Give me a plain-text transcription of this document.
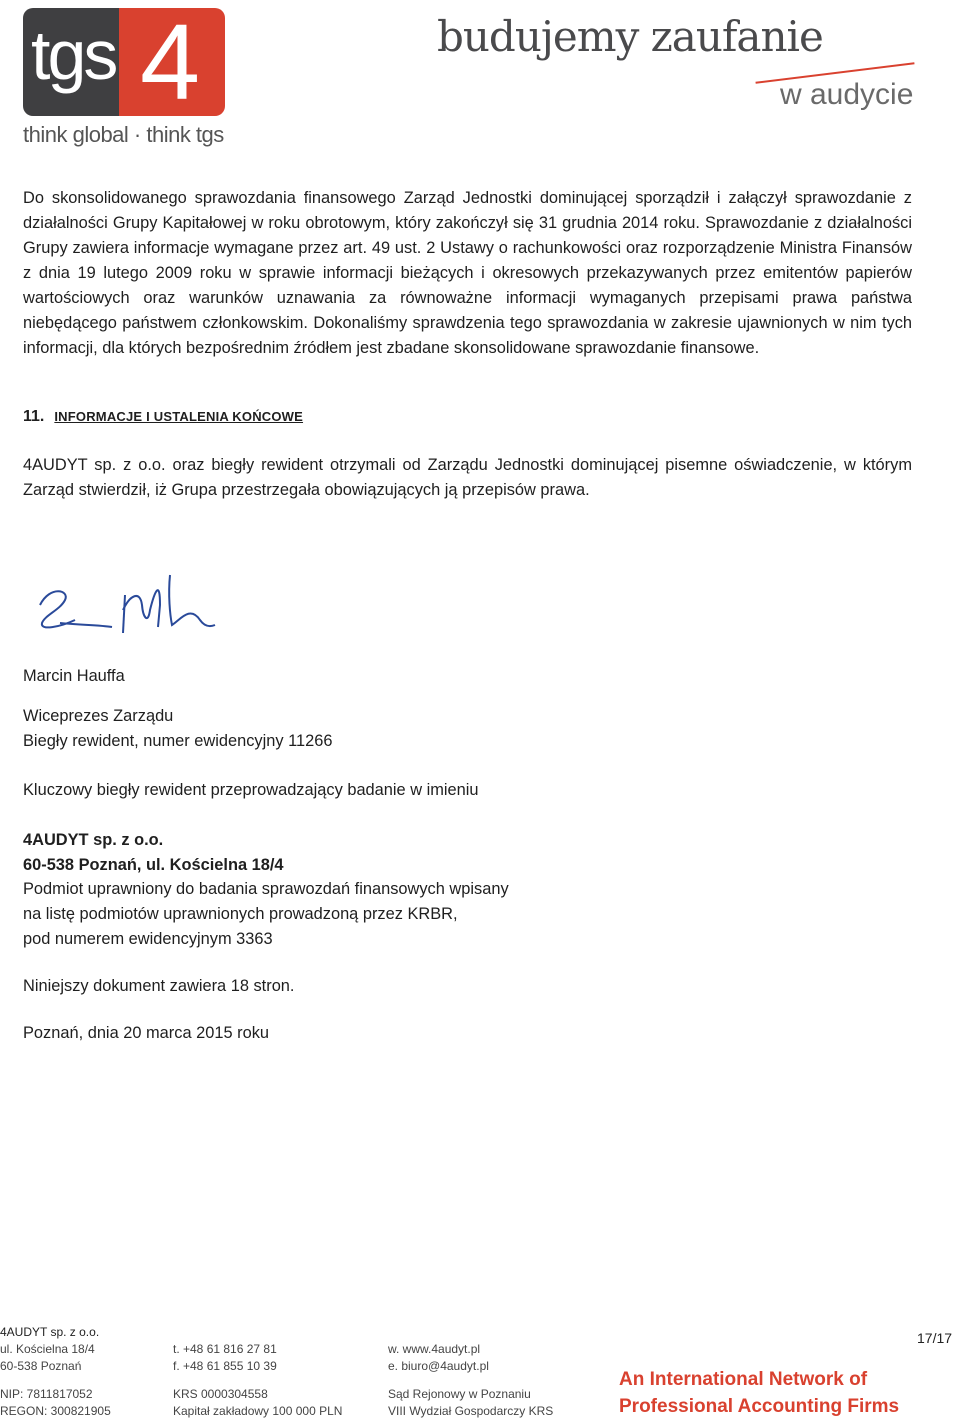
tgs 4
think global · think tgs
budujemy zaufanie
w audycie

Do skonsolidowanego sprawozdania finansowego Zarząd Jednostki dominującej sporządził i załączył sprawozdanie z działalności Grupy Kapitałowej w roku obrotowym, który zakończył się 31 grudnia 2014 roku. Sprawozdanie z działalności Grupy zawiera informacje wymagane przez art. 49 ust. 2 Ustawy o rachunkowości oraz rozporządzenie Ministra Finansów z dnia 19 lutego 2009 roku w sprawie informacji bieżących i okresowych przekazywanych przez emitentów papierów wartościowych oraz warunków uznawania za równoważne informacji wymaganych przepisami prawa państwa niebędącego państwem członkowskim. Dokonaliśmy sprawdzenia tego sprawozdania w zakresie ujawnionych w nim tych informacji, dla których bezpośrednim źródłem jest zbadane skonsolidowane sprawozdanie finansowe.

11. INFORMACJE I USTALENIA KOŃCOWE

4AUDYT sp. z o.o. oraz biegły rewident otrzymali od Zarządu Jednostki dominującej pisemne oświadczenie, w którym Zarząd stwierdził, iż Grupa przestrzegała obowiązujących ją przepisów prawa.

Marcin Hauffa
Wiceprezes Zarządu
Biegły rewident, numer ewidencyjny 11266
Kluczowy biegły rewident przeprowadzający badanie w imieniu
4AUDYT sp. z o.o.
60-538 Poznań, ul. Kościelna 18/4
Podmiot uprawniony do badania sprawozdań finansowych wpisany
na listę podmiotów uprawnionych prowadzoną przez KRBR,
pod numerem ewidencyjnym 3363
Niniejszy dokument zawiera 18 stron.
Poznań, dnia 20 marca 2015 roku
4AUDYT sp. z o.o.
ul. Kościelna 18/4
60-538 Poznań
NIP: 7811817052
REGON: 300821905
t. +48 61 816 27 81
f. +48 61 855 10 39
KRS 0000304558
Kapitał zakładowy 100 000 PLN
w. www.4audyt.pl
e. biuro@4audyt.pl
Sąd Rejonowy w Poznaniu
VIII Wydział Gospodarczy KRS
An International Network of
Professional Accounting Firms
17/17
